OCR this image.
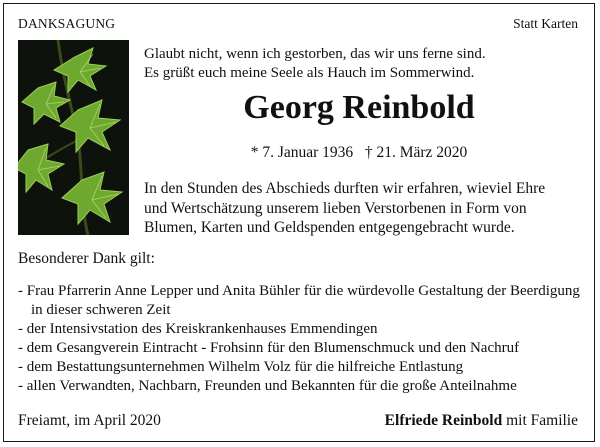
DANKSAGUNG	Statt Karten
Glaubt nicht, wenn ich gestorben, das wir uns ferne sind.
Es grüßt euch meine Seele als Hauch im Sommerwind.
Georg Reinbold
* 7. Januar 1936 † 21. März 2020
In den Stunden des Abschieds durften wir erfahren, wieviel Ehre
und Wertschätzung unserem lieben Verstorbenen in Form von
Blumen, Karten und Geldspenden entgegengebracht wurde.
Besonderer Dank gilt:
- Frau Pfarrerin Anne Lepper und Anita Bühler für die würdevolle Gestaltung der Beerdigung in dieser schweren Zeit
- der Intensivstation des Kreiskrankenhauses Emmendingen
- dem Gesangverein Eintracht - Frohsinn für den Blumenschmuck und den Nachruf
- dem Bestattungsunternehmen Wilhelm Volz für die hilfreiche Entlastung
- allen Verwandten, Nachbarn, Freunden und Bekannten für die große Anteilnahme
Freiamt, im April 2020	Elfriede Reinbold mit Familie
